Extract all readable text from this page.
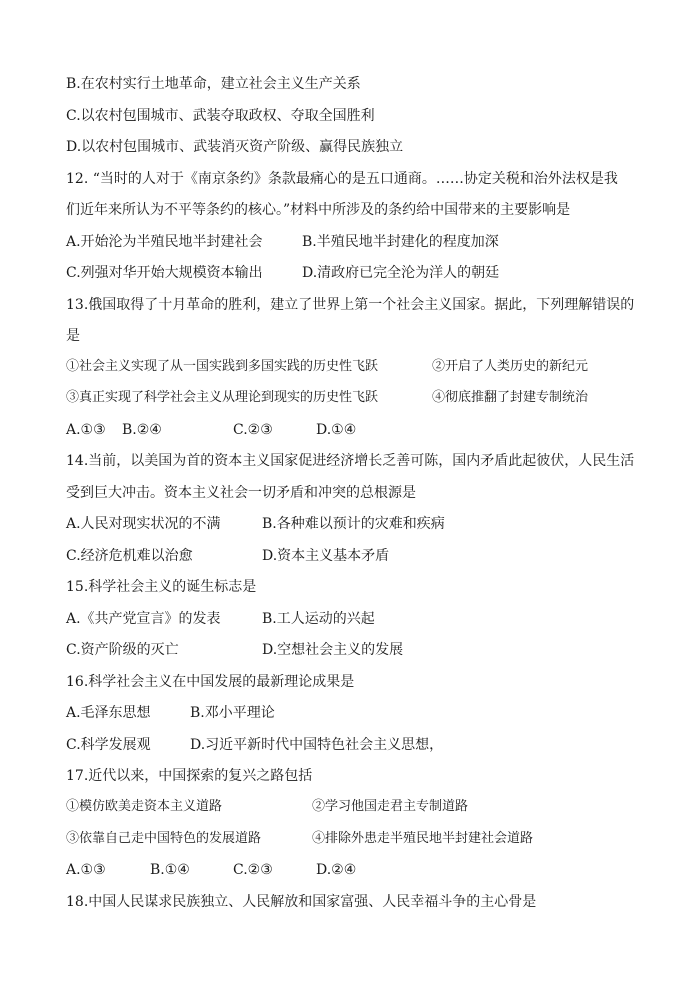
B.在农村实行土地革命，建立社会主义生产关系
C.以农村包围城市、武装夺取政权、夺取全国胜利
D.以农村包围城市、武装消灭资产阶级、赢得民族独立
12. “当时的人对于《南京条约》条款最痛心的是五口通商。……协定关税和治外法权是我
们近年来所认为不平等条约的核心。”材料中所涉及的条约给中国带来的主要影响是
A.开始沦为半殖民地半封建社会	B.半殖民地半封建化的程度加深
C.列强对华开始大规模资本输出	D.清政府已完全沦为洋人的朝廷
13.俄国取得了十月革命的胜利，建立了世界上第一个社会主义国家。据此，下列理解错误的
是
①社会主义实现了从一国实践到多国实践的历史性飞跃	②开启了人类历史的新纪元
③真正实现了科学社会主义从理论到现实的历史性飞跃	④彻底推翻了封建专制统治
A.①③ B.②④	C.②③	D.①④
14.当前，以美国为首的资本主义国家促进经济增长乏善可陈，国内矛盾此起彼伏，人民生活
受到巨大冲击。资本主义社会一切矛盾和冲突的总根源是
A.人民对现实状况的不满	B.各种难以预计的灾难和疾病
C.经济危机难以治愈	D.资本主义基本矛盾
15.科学社会主义的诞生标志是
A.《共产党宣言》的发表	B.工人运动的兴起
C.资产阶级的灭亡	D.空想社会主义的发展
16.科学社会主义在中国发展的最新理论成果是
A.毛泽东思想	B.邓小平理论
C.科学发展观	D.习近平新时代中国特色社会主义思想，
17.近代以来，中国探索的复兴之路包括
①模仿欧美走资本主义道路	②学习他国走君主专制道路
③依靠自己走中国特色的发展道路	④排除外患走半殖民地半封建社会道路
A.①③	B.①④	C.②③	D.②④
18.中国人民谋求民族独立、人民解放和国家富强、人民幸福斗争的主心骨是
